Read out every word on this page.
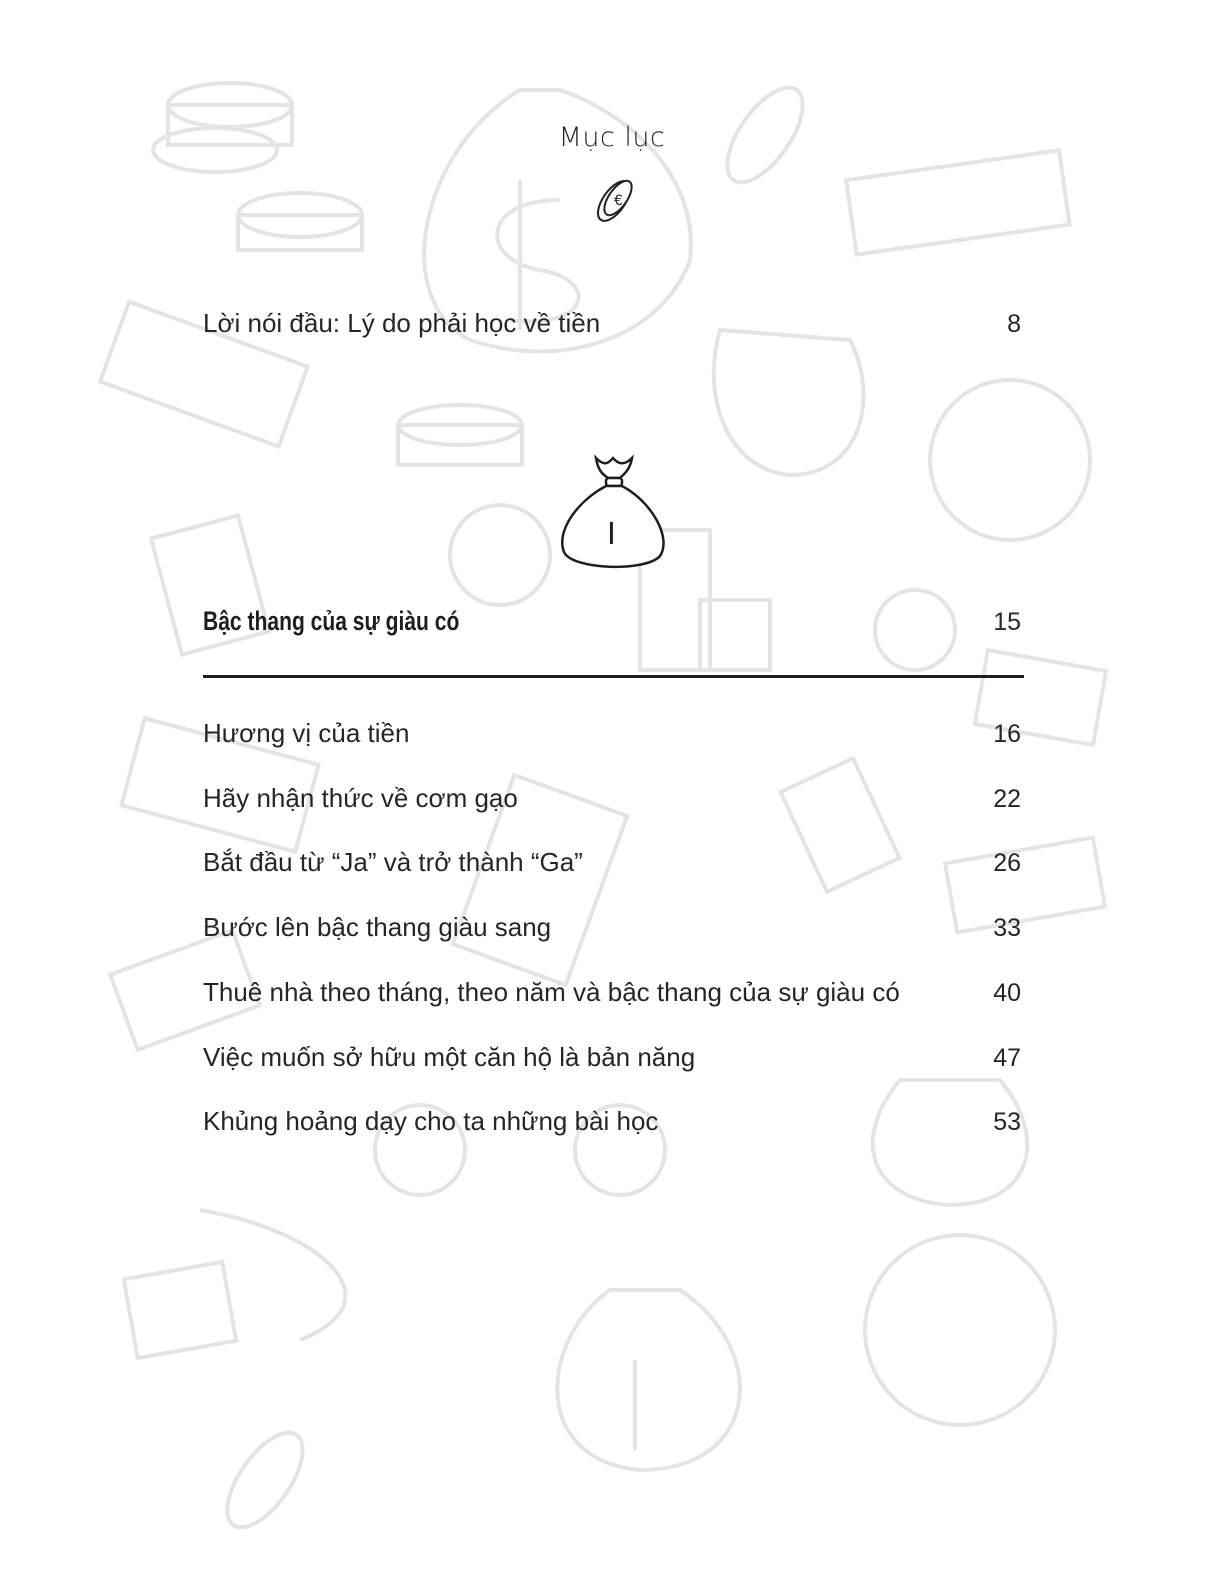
Mục lục
€
Lời nói đầu: Lý do phải học về tiền	8
I
Bậc thang của sự giàu có	15
Hương vị của tiền	16
Hãy nhận thức về cơm gạo	22
Bắt đầu từ “Ja” và trở thành “Ga”	26
Bước lên bậc thang giàu sang	33
Thuê nhà theo tháng, theo năm và bậc thang của sự giàu có	40
Việc muốn sở hữu một căn hộ là bản năng	47
Khủng hoảng dạy cho ta những bài học	53
